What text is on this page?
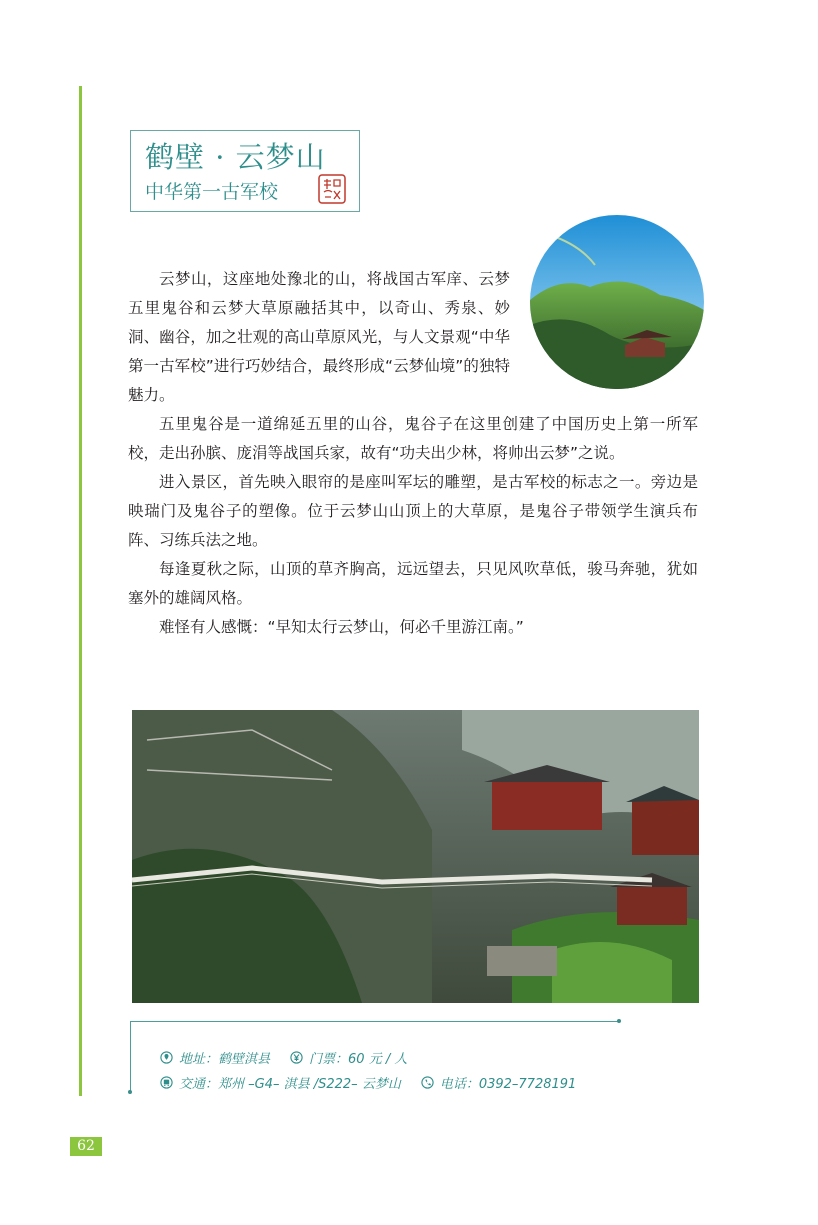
鹤壁 · 云梦山
中华第一古军校

云梦山，这座地处豫北的山，将战国古军庠、云梦五里鬼谷和云梦大草原融括其中，以奇山、秀泉、妙洞、幽谷，加之壮观的高山草原风光，与人文景观“中华第一古军校”进行巧妙结合，最终形成“云梦仙境”的独特魅力。

五里鬼谷是一道绵延五里的山谷，鬼谷子在这里创建了中国历史上第一所军校，走出孙膑、庞涓等战国兵家，故有“功夫出少林，将帅出云梦”之说。

进入景区，首先映入眼帘的是座叫军坛的雕塑，是古军校的标志之一。旁边是映瑞门及鬼谷子的塑像。位于云梦山山顶上的大草原，是鬼谷子带领学生演兵布阵、习练兵法之地。

每逢夏秋之际，山顶的草齐胸高，远远望去，只见风吹草低，骏马奔驰，犹如塞外的雄阔风格。

难怪有人感慨：“早知太行云梦山，何必千里游江南。”

地址：鹤壁淇县	门票：60 元 / 人
交通：郑州 –G4– 淇县 /S222– 云梦山	电话：0392–7728191
62
